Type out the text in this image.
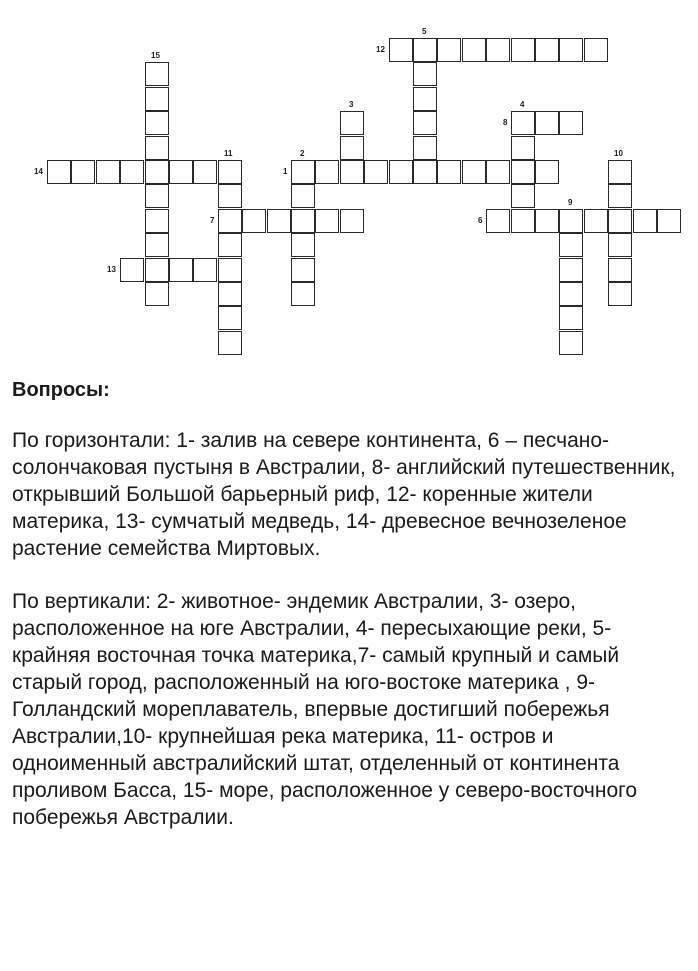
1
2
3	4
5
6
7
8
9
10
11
12
13
14
15
Вопросы:

По горизонтали: 1- залив на севере континента, 6 – песчано-солончаковая пустыня в Австралии, 8- английский путешественник, открывший Большой барьерный риф, 12- коренные жители материка, 13- сумчатый медведь, 14- древесное вечнозеленое растение семейства Миртовых.

По вертикали: 2- животное- эндемик Австралии, 3- озеро, расположенное на юге Австралии, 4- пересыхающие реки, 5- крайняя восточная точка материка,7- самый крупный и самый старый город, расположенный на юго-востоке материка , 9- Голландский мореплаватель, впервые достигший побережья Австралии,10- крупнейшая река материка, 11- остров и одноименный австралийский штат, отделенный от континента проливом Басса, 15- море, расположенное у северо-восточного побережья Австралии.
